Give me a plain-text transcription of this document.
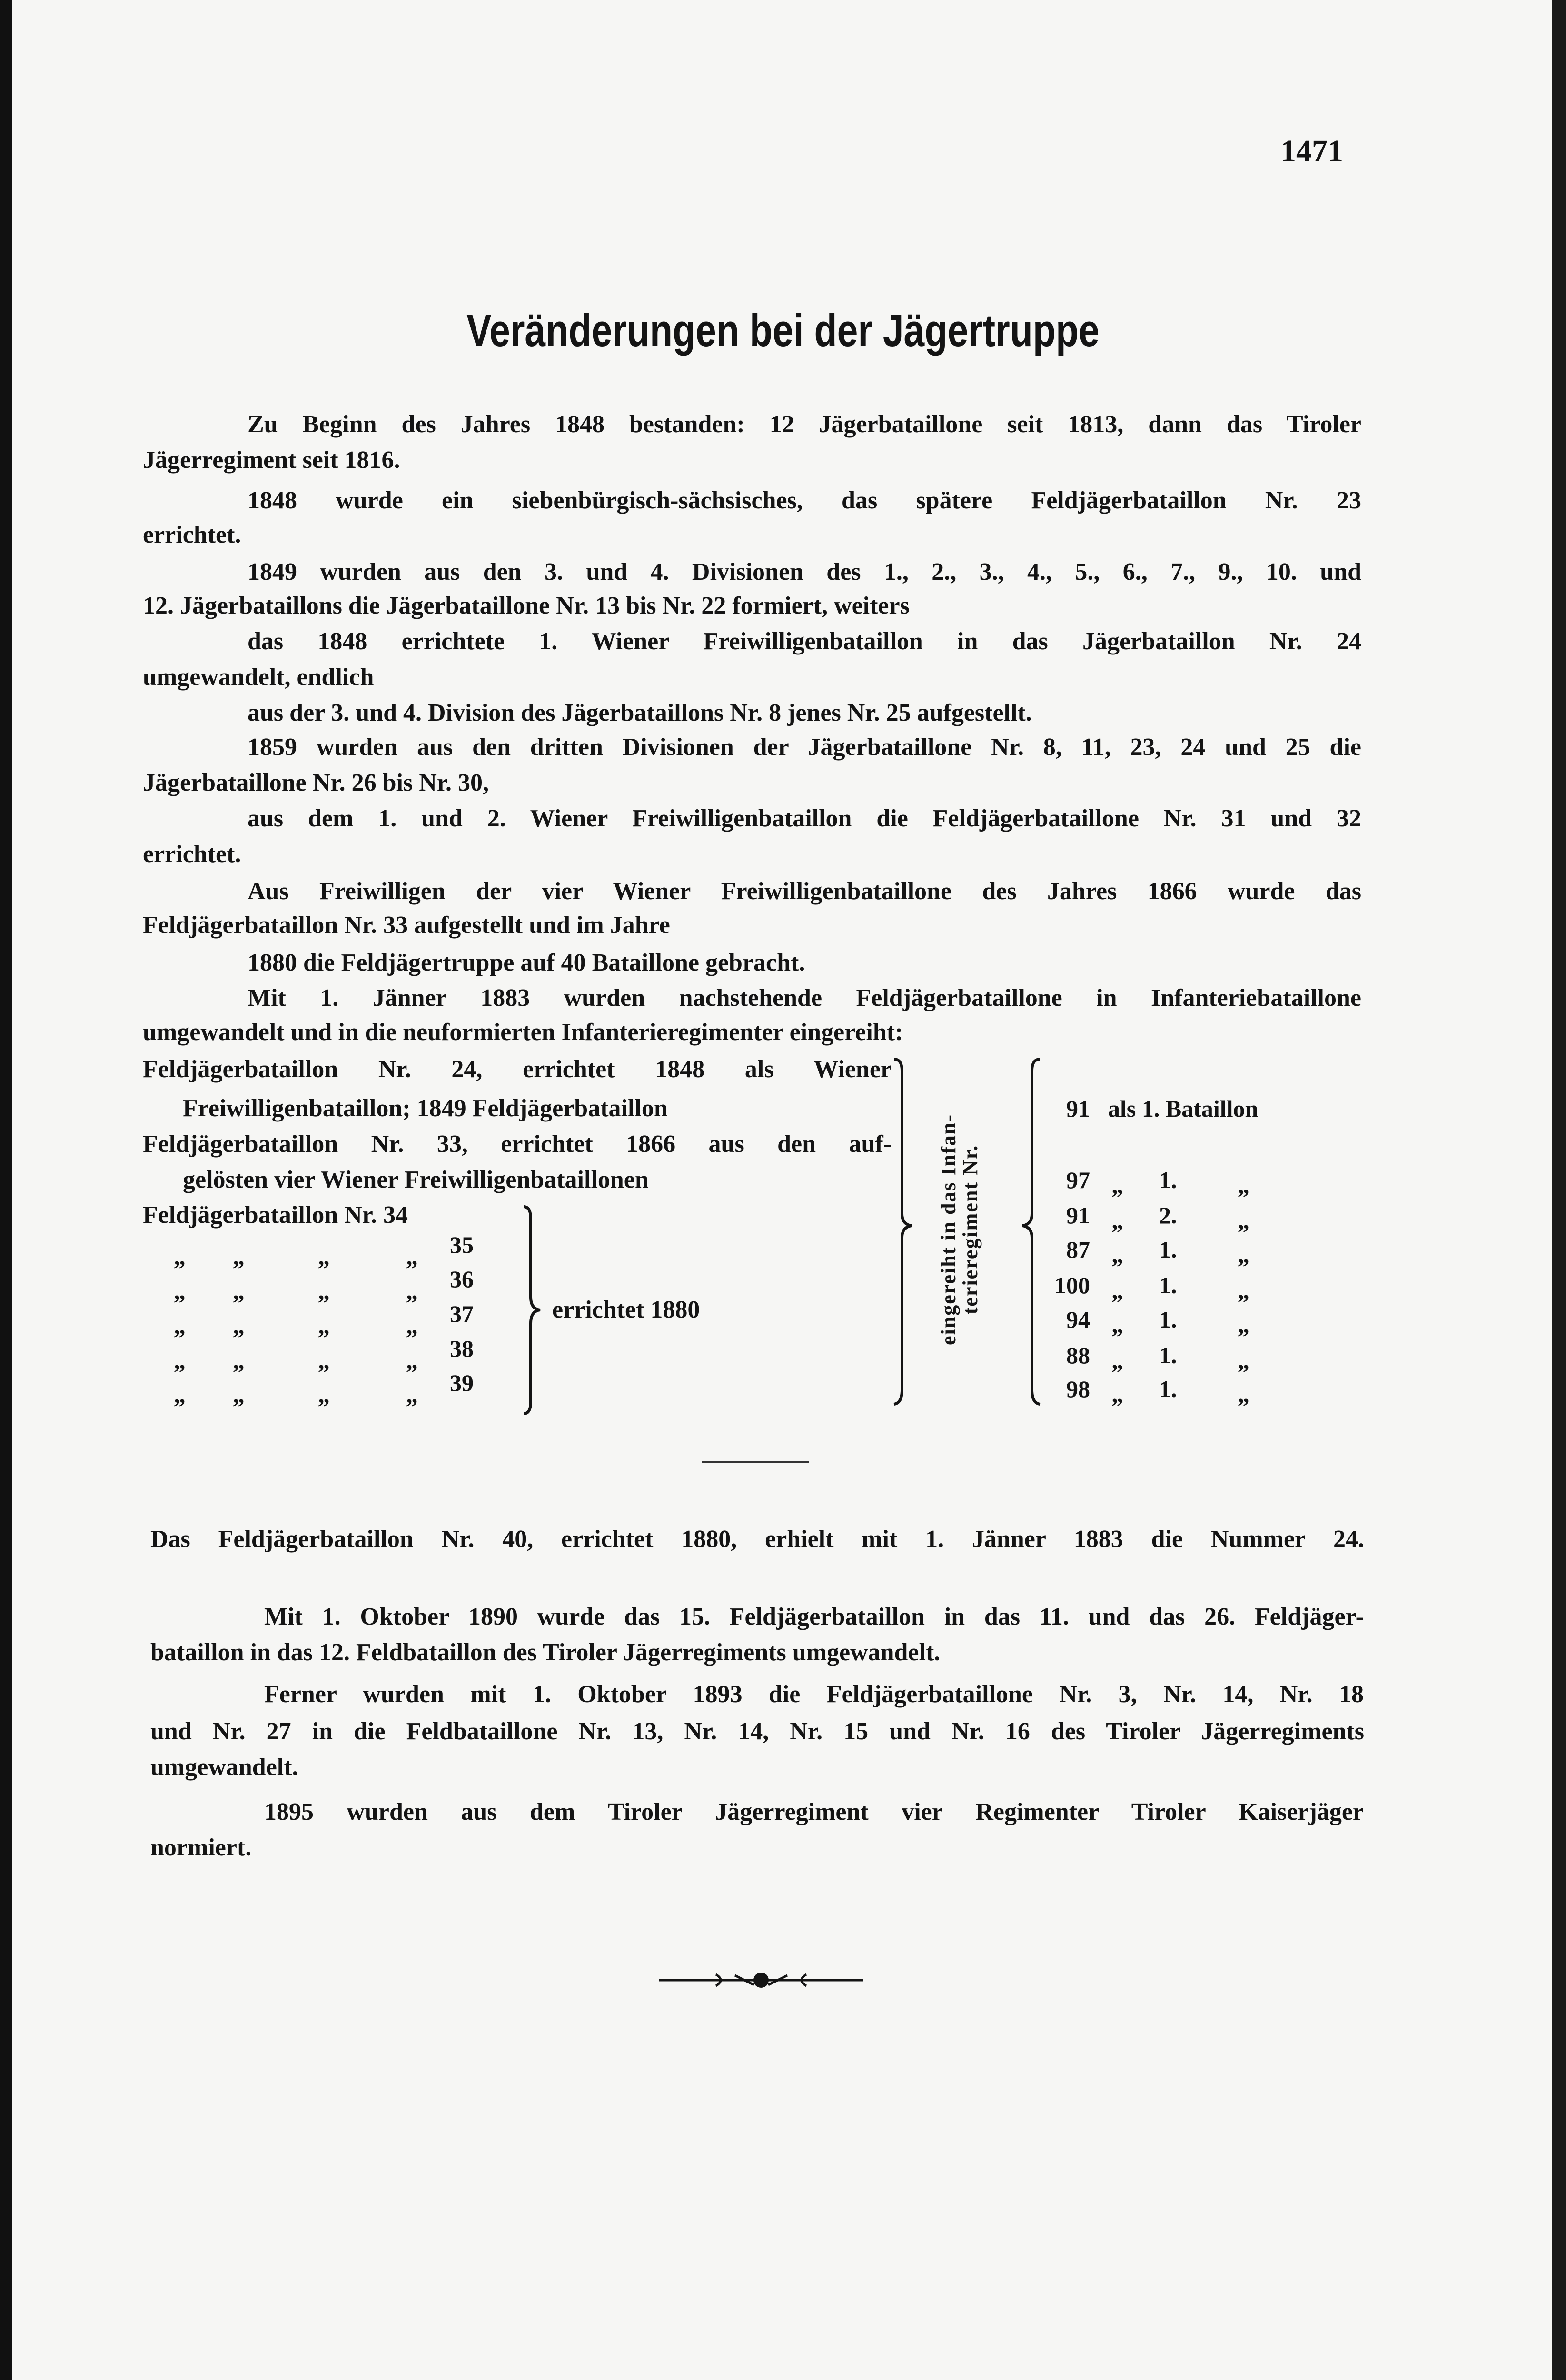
1471
Veränderungen bei der Jägertruppe
Zu Beginn des Jahres 1848 bestanden: 12 Jägerbataillone seit 1813, dann das Tiroler
Jägerregiment seit 1816.
1848 wurde ein siebenbürgisch-sächsisches, das spätere Feldjägerbataillon Nr. 23
errichtet.
1849 wurden aus den 3. und 4. Divisionen des 1., 2., 3., 4., 5., 6., 7., 9., 10. und
12. Jägerbataillons die Jägerbataillone Nr. 13 bis Nr. 22 formiert, weiters
das 1848 errichtete 1. Wiener Freiwilligenbataillon in das Jägerbataillon Nr. 24
umgewandelt, endlich
aus der 3. und 4. Division des Jägerbataillons Nr. 8 jenes Nr. 25 aufgestellt.
1859 wurden aus den dritten Divisionen der Jägerbataillone Nr. 8, 11, 23, 24 und 25 die
Jägerbataillone Nr. 26 bis Nr. 30,
aus dem 1. und 2. Wiener Freiwilligenbataillon die Feldjägerbataillone Nr. 31 und 32
errichtet.
Aus Freiwilligen der vier Wiener Freiwilligenbataillone des Jahres 1866 wurde das
Feldjägerbataillon Nr. 33 aufgestellt und im Jahre
1880 die Feldjägertruppe auf 40 Bataillone gebracht.
Mit 1. Jänner 1883 wurden nachstehende Feldjägerbataillone in Infanteriebataillone
umgewandelt und in die neuformierten Infanterieregimenter eingereiht:
Feldjägerbataillon Nr. 24, errichtet 1848 als Wiener
Freiwilligenbataillon; 1849 Feldjägerbataillon
Feldjägerbataillon Nr. 33, errichtet 1866 aus den auf-
gelösten vier Wiener Freiwilligenbataillonen
Feldjägerbataillon Nr. 34
„ „	„	„ 35
„ „	„	„ 36
„ „	„	„ 37
„ „	„	„ 38
„ „	„	„ 39
errichtet 1880	eingereiht in das Infan-
terieregiment Nr.
91 als 1. Bataillon
97 „ 1.	„
91 „ 2.	„
87 „ 1.	„
100 „ 1.	„
94 „ 1.	„
88 „ 1.	„
98 „ 1.	„
Das Feldjägerbataillon Nr. 40, errichtet 1880, erhielt mit 1. Jänner 1883 die Nummer 24.
Mit 1. Oktober 1890 wurde das 15. Feldjägerbataillon in das 11. und das 26. Feldjäger-
bataillon in das 12. Feldbataillon des Tiroler Jägerregiments umgewandelt.
Ferner wurden mit 1. Oktober 1893 die Feldjägerbataillone Nr. 3, Nr. 14, Nr. 18
und Nr. 27 in die Feldbataillone Nr. 13, Nr. 14, Nr. 15 und Nr. 16 des Tiroler Jägerregiments
umgewandelt.
1895 wurden aus dem Tiroler Jägerregiment vier Regimenter Tiroler Kaiserjäger
normiert.
